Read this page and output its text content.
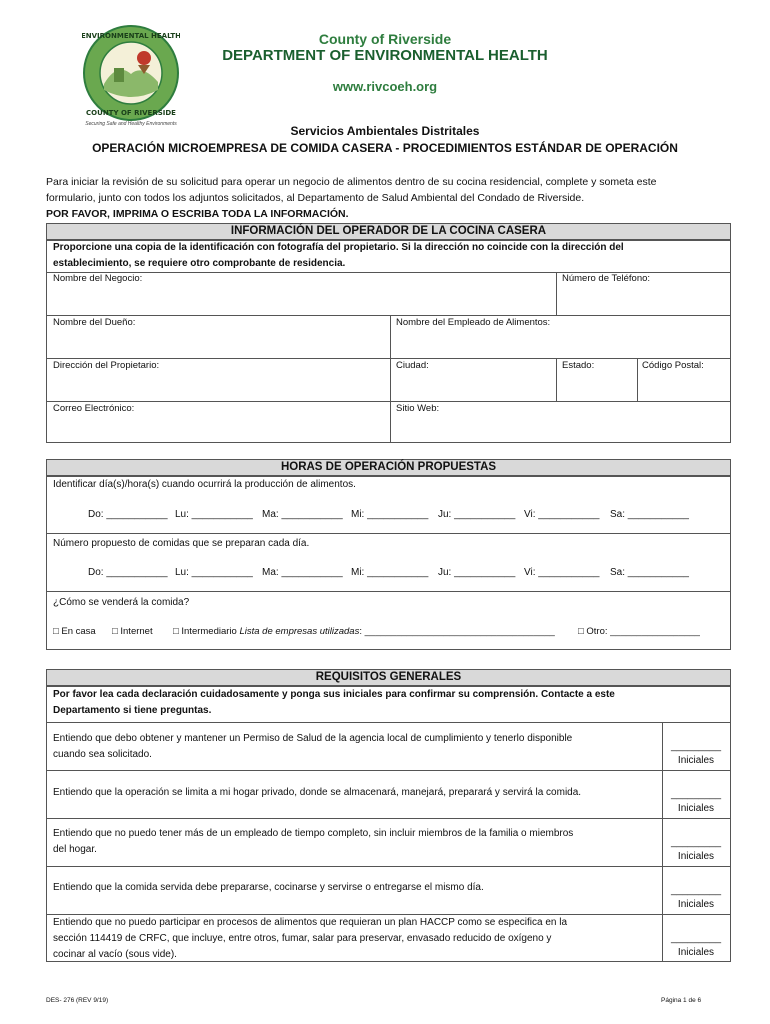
ENVIRONMENTAL HEALTH
COUNTY OF RIVERSIDE
Securing Safe and Healthy Environments
County of Riverside
DEPARTMENT OF ENVIRONMENTAL HEALTH
www.rivcoeh.org
Servicios Ambientales Distritales
OPERACIÓN MICROEMPRESA DE COMIDA CASERA - PROCEDIMIENTOS ESTÁNDAR DE OPERACIÓN
Para iniciar la revisión de su solicitud para operar un negocio de alimentos dentro de su cocina residencial, complete y someta este
formulario, junto con todos los adjuntos solicitados, al Departamento de Salud Ambiental del Condado de Riverside.
POR FAVOR, IMPRIMA O ESCRIBA TODA LA INFORMACIÓN.
INFORMACIÓN DEL OPERADOR DE LA COCINA CASERA
Proporcione una copia de la identificación con fotografía del propietario. Si la dirección no coincide con la dirección del
establecimiento, se requiere otro comprobante de residencia.
Nombre del Negocio:	Número de Teléfono:
Nombre del Dueño:	Nombre del Empleado de Alimentos:
Dirección del Propietario:	Ciudad:	Estado:	Código Postal:
Correo Electrónico:	Sitio Web:
HORAS DE OPERACIÓN PROPUESTAS
Identificar día(s)/hora(s) cuando ocurrirá la producción de alimentos.
Do: ___________ Lu: ___________ Ma: ___________ Mi: ___________ Ju: ___________ Vi: ___________ Sa: ___________
Número propuesto de comidas que se preparan cada día.
Do: ___________ Lu: ___________ Ma: ___________ Mi: ___________ Ju: ___________ Vi: ___________ Sa: ___________
¿Cómo se venderá la comida?
□ En casa □ Internet □ Intermediario Lista de empresas utilizadas: ____________________________________ □ Otro: _________________
REQUISITOS GENERALES
Por favor lea cada declaración cuidadosamente y ponga sus iniciales para confirmar su comprensión. Contacte a este
Departamento si tiene preguntas.
Entiendo que debo obtener y mantener un Permiso de Salud de la agencia local de cumplimiento y tenerlo disponible
cuando sea solicitado.
_________
Iniciales
Entiendo que la operación se limita a mi hogar privado, donde se almacenará, manejará, preparará y servirá la comida.	_________
Iniciales
Entiendo que no puedo tener más de un empleado de tiempo completo, sin incluir miembros de la familia o miembros
del hogar.
_________
Iniciales
Entiendo que la comida servida debe prepararse, cocinarse y servirse o entregarse el mismo día.	_________
Iniciales
Entiendo que no puedo participar en procesos de alimentos que requieran un plan HACCP como se especifica en la
sección 114419 de CRFC, que incluye, entre otros, fumar, salar para preservar, envasado reducido de oxígeno y
cocinar al vacío (sous vide).
_________
Iniciales
DES- 276 (REV 9/19)	Página 1 de 6
